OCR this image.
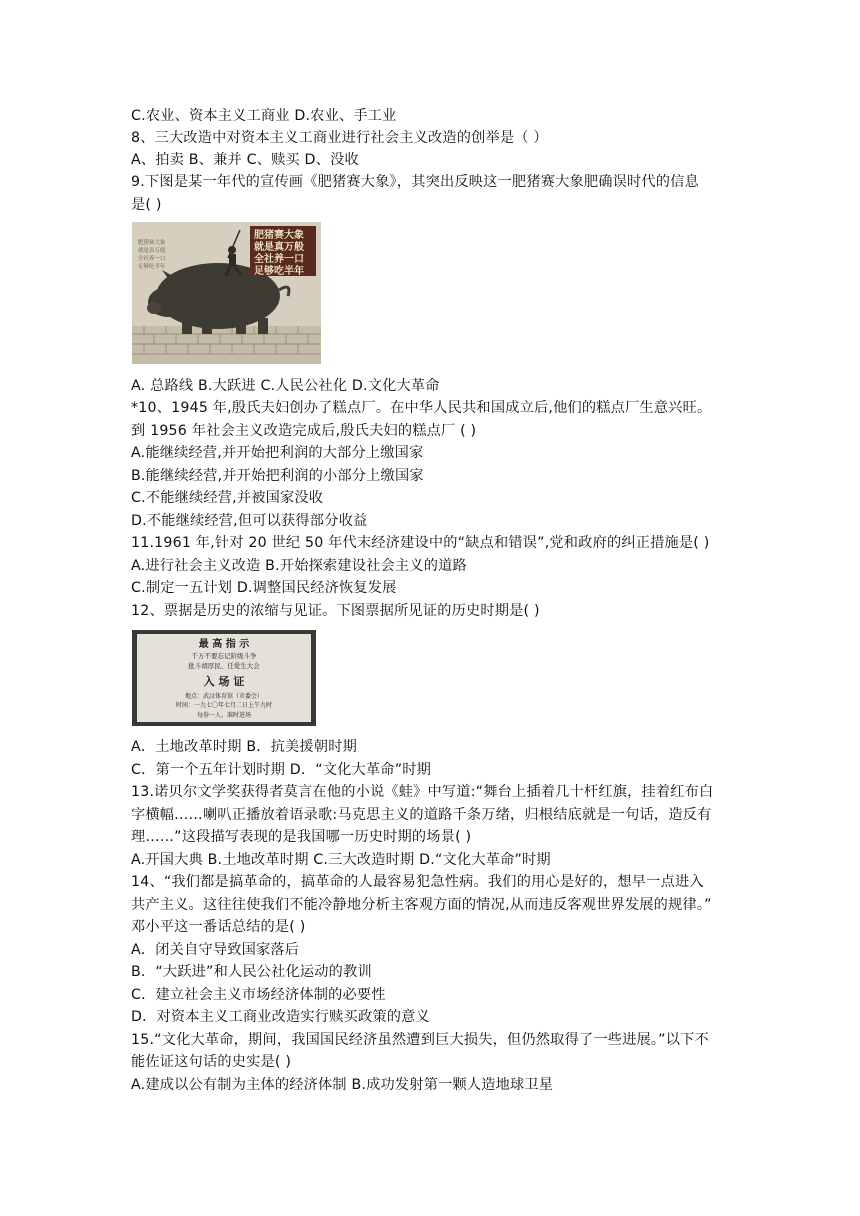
C.农业、资本主义工商业 D.农业、手工业
8、三大改造中对资本主义工商业进行社会主义改造的创举是（ ）
A、拍卖 B、兼并 C、赎买 D、没收
9.下图是某一年代的宣传画《肥猪赛大象》，其突出反映这一肥猪赛大象肥确误时代的信息
是( )
肥猪赛大象
就是真万般
全社养一口
足够吃半年
肥猪赛大象
就是真万般
全社养一口
足够吃半年
A. 总路线 B.大跃进 C.人民公社化 D.文化大革命
*10、1945 年,殷氏夫妇创办了糕点厂。在中华人民共和国成立后,他们的糕点厂生意兴旺。
到 1956 年社会主义改造完成后,殷氏夫妇的糕点厂 ( )
A.能继续经营,并开始把利润的大部分上缴国家
B.能继续经营,并开始把利润的小部分上缴国家
C.不能继续经营,并被国家没收
D.不能继续经营,但可以获得部分收益
11.1961 年,针对 20 世纪 50 年代末经济建设中的“缺点和错误”,党和政府的纠正措施是( )
A.进行社会主义改造 B.开始探索建设社会主义的道路
C.制定一五计划 D.调整国民经济恢复发展
12、票据是历史的浓缩与见证。下图票据所见证的历史时期是( )
最 高 指 示
千万不要忘记阶级斗争
批斗胡厚民、任爱生大会
入 场 证
地点：武汉体育馆（市委会）
时间：一九七〇年七月二日上午九时
每券一人，准时进场
A．土地改革时期 B．抗美援朝时期
C．第一个五年计划时期 D．“文化大革命”时期
13.诺贝尔文学奖获得者莫言在他的小说《蛙》中写道:“舞台上插着几十杆红旗，挂着红布白
字横幅……喇叭正播放着语录歌:马克思主义的道路千条万绪，归根结底就是一句话，造反有
理……”这段描写表现的是我国哪一历史时期的场景( )
A.开国大典 B.土地改革时期 C.三大改造时期 D.“文化大革命”时期
14、“我们都是搞革命的，搞革命的人最容易犯急性病。我们的用心是好的，想早一点进入
共产主义。这往往使我们不能冷静地分析主客观方面的情况,从而违反客观世界发展的规律。”
邓小平这一番话总结的是( )
A．闭关自守导致国家落后
B．“大跃进”和人民公社化运动的教训
C．建立社会主义市场经济体制的必要性
D．对资本主义工商业改造实行赎买政策的意义
15.“文化大革命，期间，我国国民经济虽然遭到巨大损失，但仍然取得了一些进展。”以下不
能佐证这句话的史实是( )
A.建成以公有制为主体的经济体制 B.成功发射第一颗人造地球卫星
